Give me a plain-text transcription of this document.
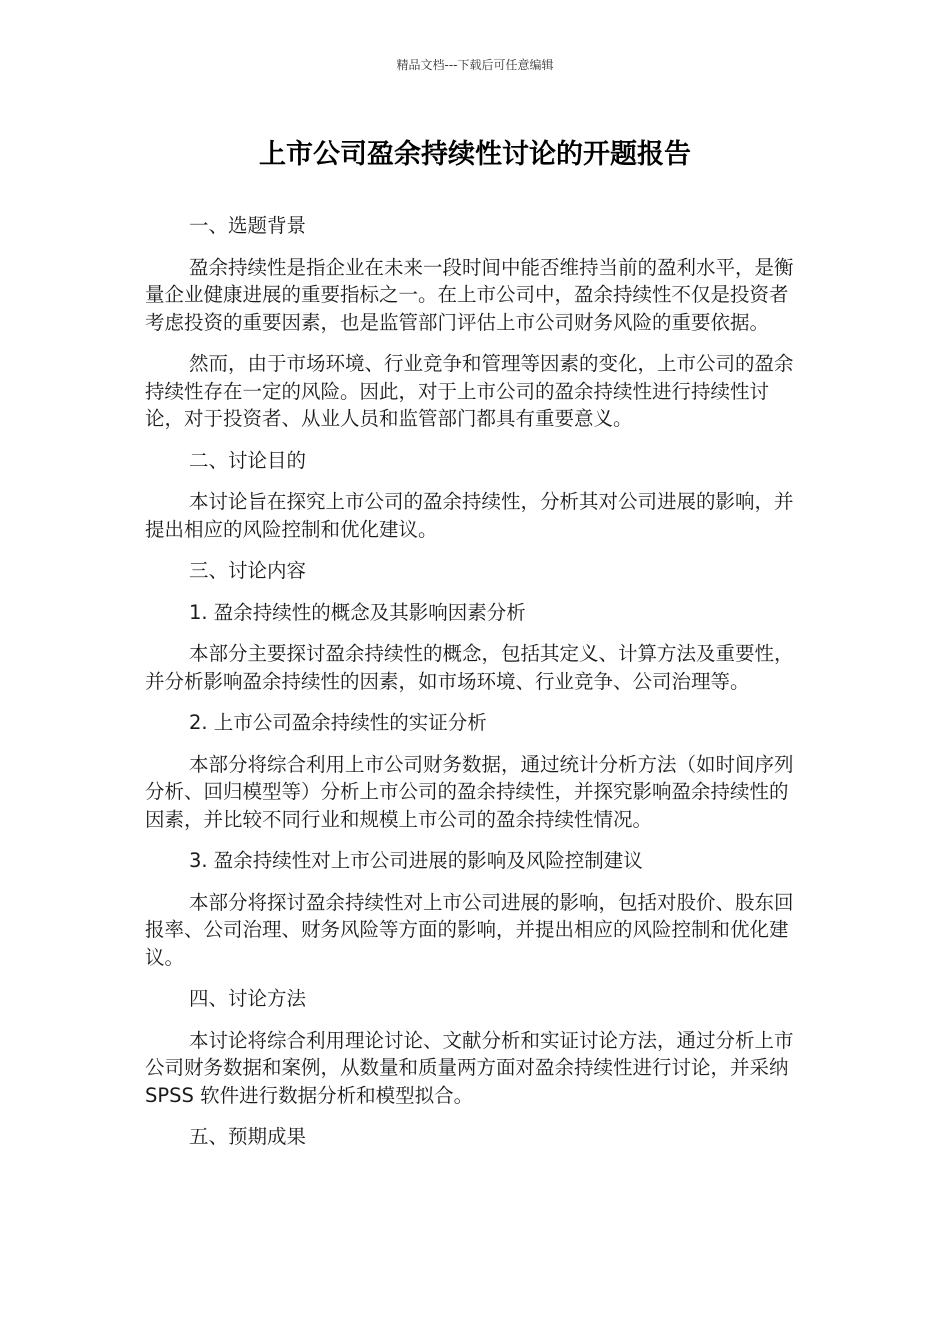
精品文档---下载后可任意编辑
上市公司盈余持续性讨论的开题报告

一、选题背景

盈余持续性是指企业在未来一段时间中能否维持当前的盈利水平，是衡量企业健康进展的重要指标之一。在上市公司中，盈余持续性不仅是投资者考虑投资的重要因素，也是监管部门评估上市公司财务风险的重要依据。

然而，由于市场环境、行业竞争和管理等因素的变化，上市公司的盈余持续性存在一定的风险。因此，对于上市公司的盈余持续性进行持续性讨论，对于投资者、从业人员和监管部门都具有重要意义。

二、讨论目的

本讨论旨在探究上市公司的盈余持续性，分析其对公司进展的影响，并提出相应的风险控制和优化建议。

三、讨论内容

1. 盈余持续性的概念及其影响因素分析

本部分主要探讨盈余持续性的概念，包括其定义、计算方法及重要性，并分析影响盈余持续性的因素，如市场环境、行业竞争、公司治理等。

2. 上市公司盈余持续性的实证分析

本部分将综合利用上市公司财务数据，通过统计分析方法（如时间序列分析、回归模型等）分析上市公司的盈余持续性，并探究影响盈余持续性的因素，并比较不同行业和规模上市公司的盈余持续性情况。

3. 盈余持续性对上市公司进展的影响及风险控制建议

本部分将探讨盈余持续性对上市公司进展的影响，包括对股价、股东回报率、公司治理、财务风险等方面的影响，并提出相应的风险控制和优化建议。

四、讨论方法

本讨论将综合利用理论讨论、文献分析和实证讨论方法，通过分析上市公司财务数据和案例，从数量和质量两方面对盈余持续性进行讨论，并采纳 SPSS 软件进行数据分析和模型拟合。

五、预期成果
